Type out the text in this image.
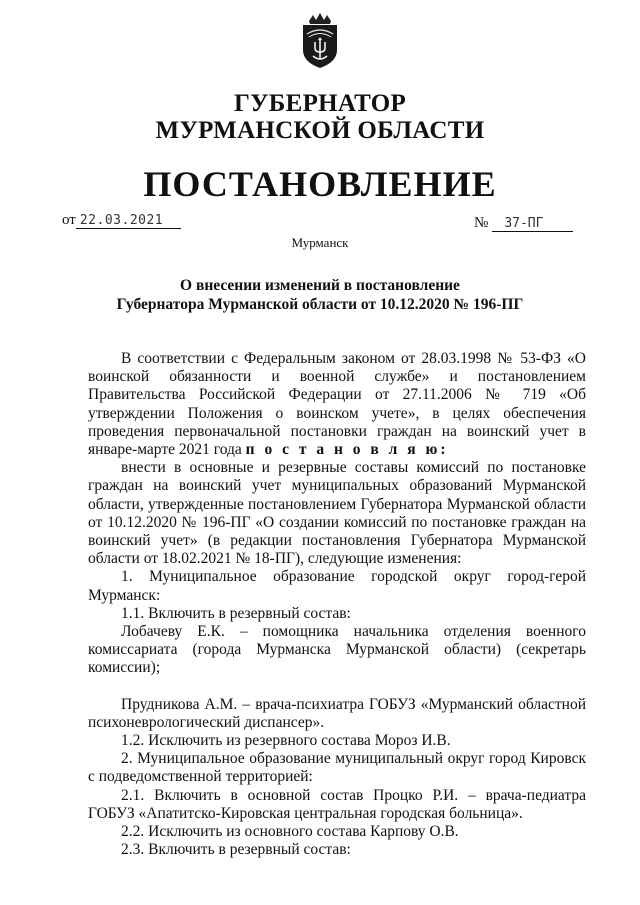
ГУБЕРНАТОР
МУРМАНСКОЙ ОБЛАСТИ
ПОСТАНОВЛЕНИЕ
от 22.03.2021	№ 37-ПГ
Мурманск
О внесении изменений в постановление
Губернатора Мурманской области от 10.12.2020 № 196-ПГ

В соответствии с Федеральным законом от 28.03.1998 № 53-ФЗ «О воинской обязанности и военной службе» и постановлением Правительства Российской Федерации от 27.11.2006 № 719 «Об утверждении Положения о воинском учете», в целях обеспечения проведения первоначальной постановки граждан на воинский учет в январе-марте 2021 года п о с т а н о в л я ю:

внести в основные и резервные составы комиссий по постановке граждан на воинский учет муниципальных образований Мурманской области, утвержденные постановлением Губернатора Мурманской области от 10.12.2020 № 196-ПГ «О создании комиссий по постановке граждан на воинский учет» (в редакции постановления Губернатора Мурманской области от 18.02.2021 № 18-ПГ), следующие изменения:

1. Муниципальное образование городской округ город-герой Мурманск:

1.1. Включить в резервный состав:

Лобачеву Е.К. – помощника начальника отделения военного комиссариата (города Мурманска Мурманской области) (секретарь комиссии);

Прудникова А.М. – врача-психиатра ГОБУЗ «Мурманский областной психоневрологический диспансер».

1.2. Исключить из резервного состава Мороз И.В.

2. Муниципальное образование муниципальный округ город Кировск с подведомственной территорией:

2.1. Включить в основной состав Процко Р.И. – врача-педиатра ГОБУЗ «Апатитско-Кировская центральная городская больница».

2.2. Исключить из основного состава Карпову О.В.

2.3. Включить в резервный состав:
